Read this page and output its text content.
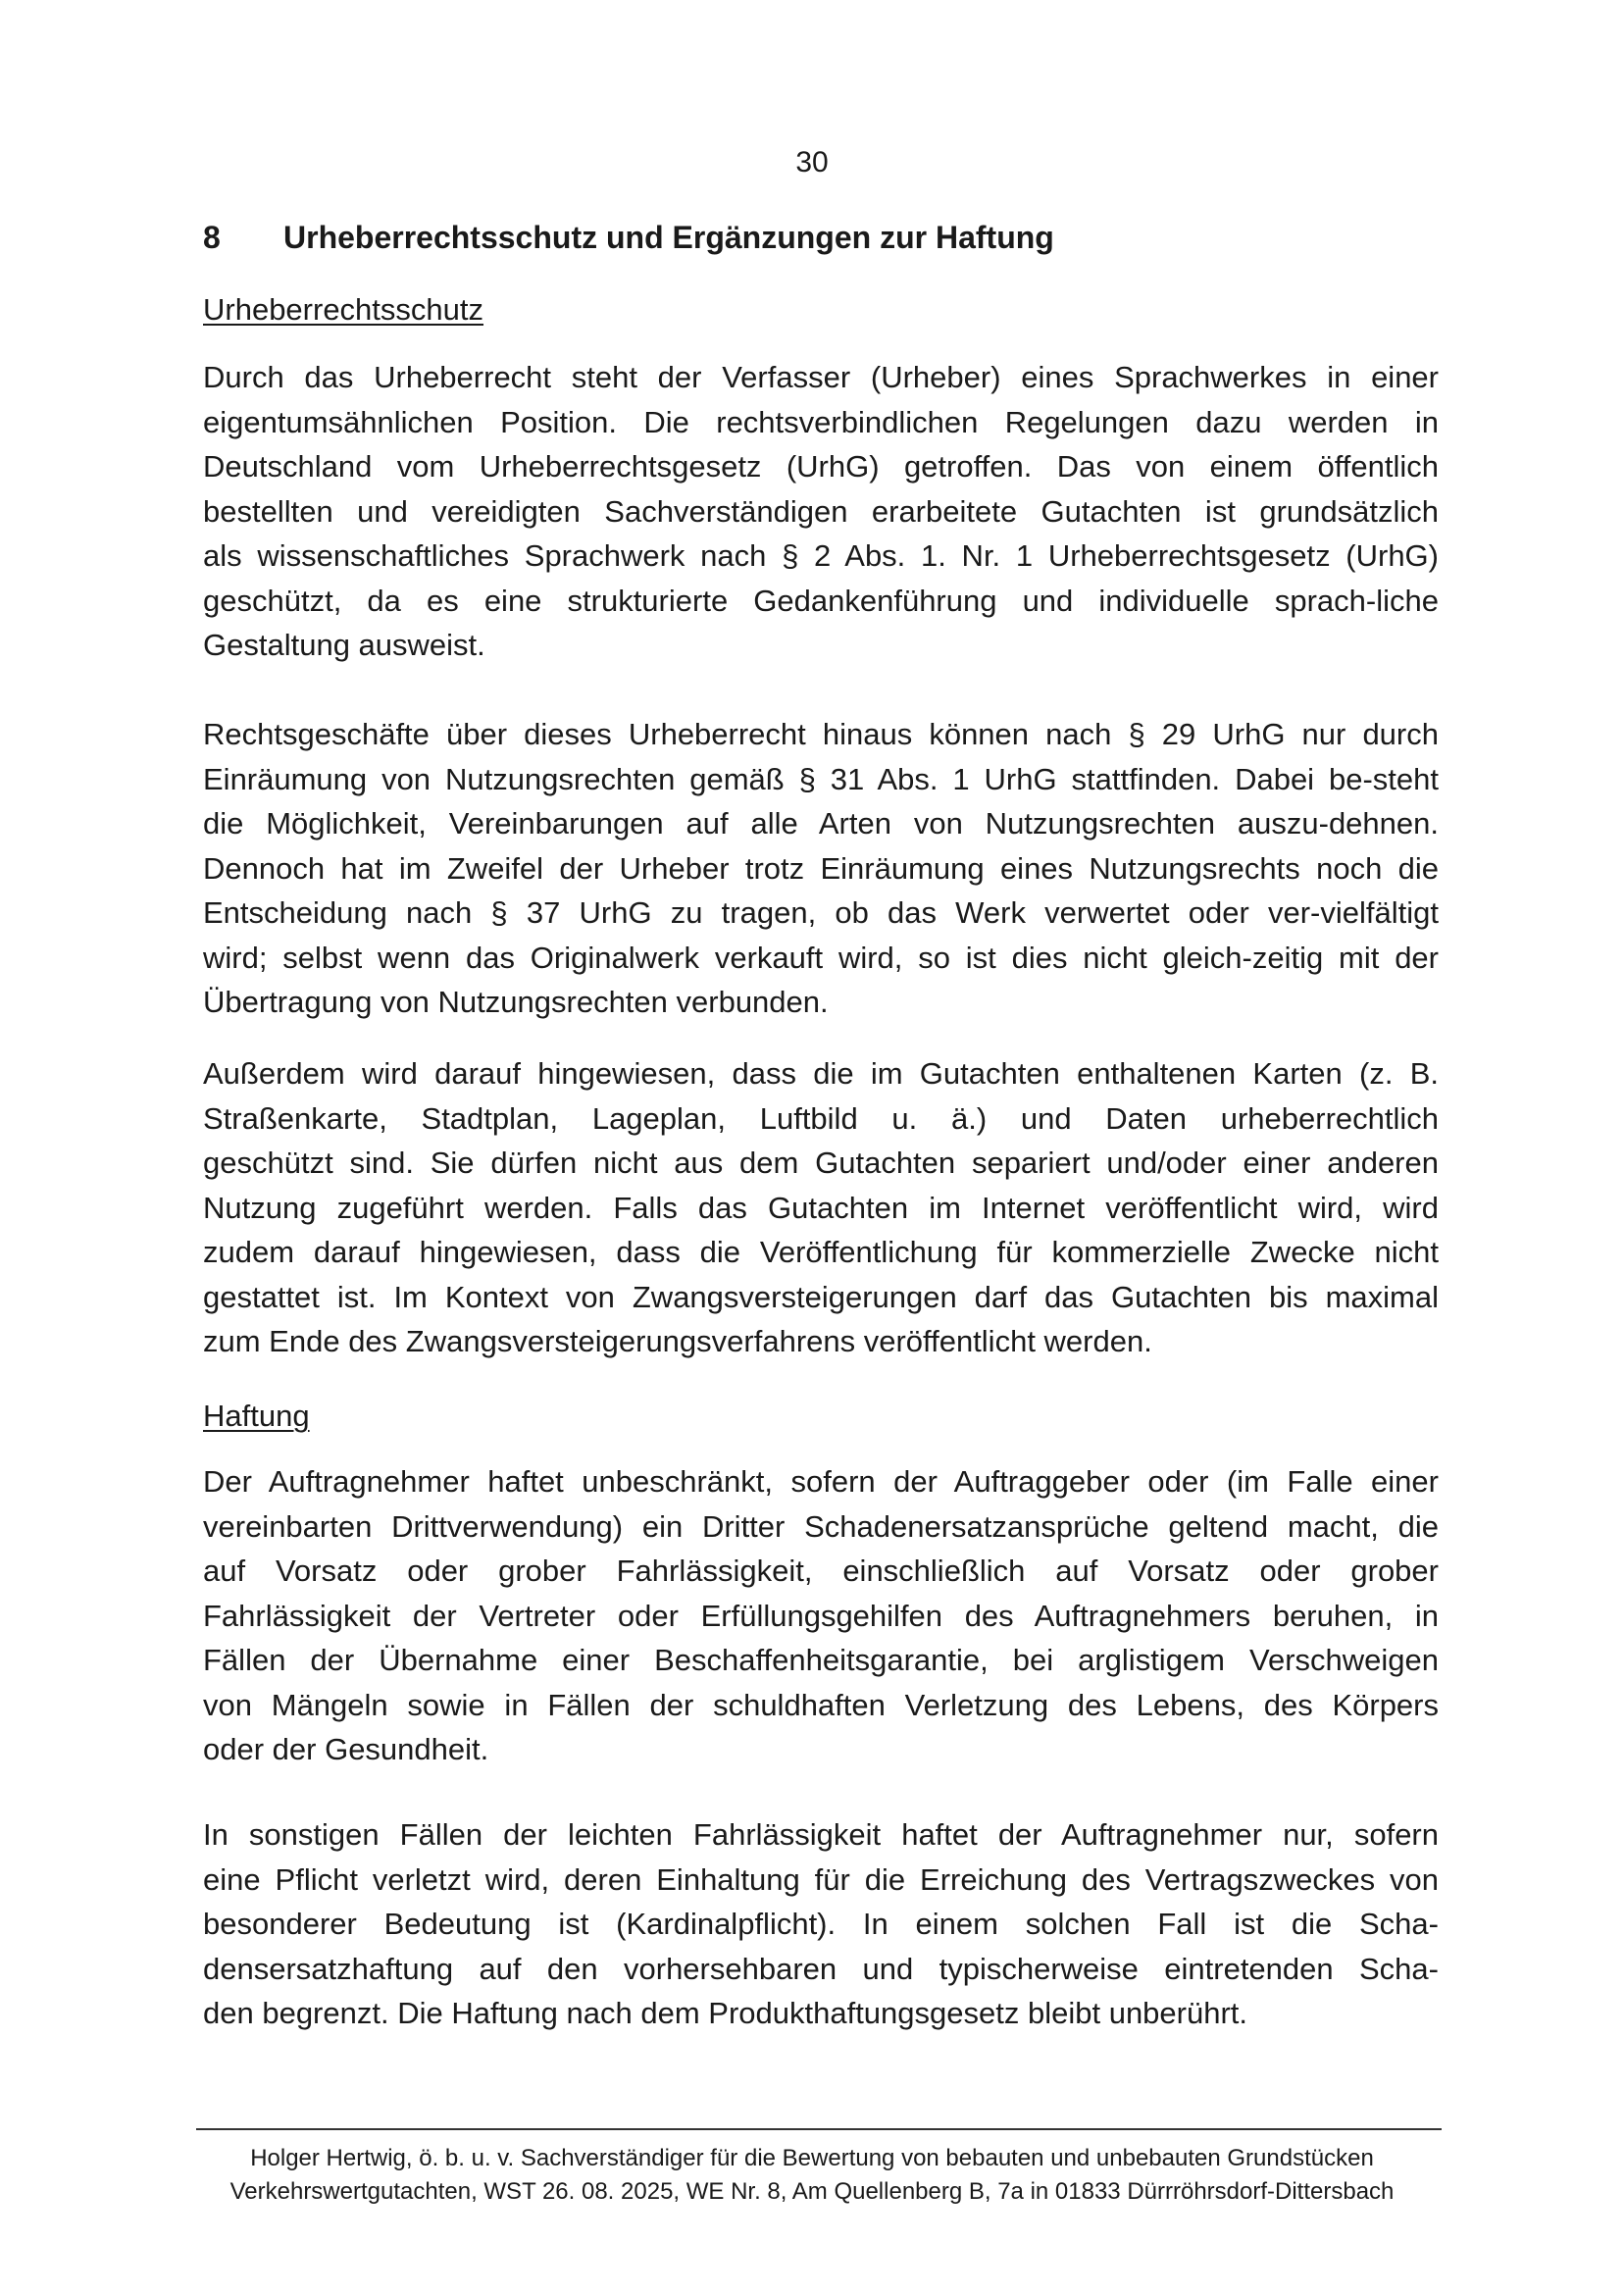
30
8 Urheberrechtsschutz und Ergänzungen zur Haftung
Urheberrechtsschutz

Durch das Urheberrecht steht der Verfasser (Urheber) eines Sprachwerkes in einer
eigentumsähnlichen Position. Die rechtsverbindlichen Regelungen dazu werden in
Deutschland vom Urheberrechtsgesetz (UrhG) getroffen. Das von einem öffentlich
bestellten und vereidigten Sachverständigen erarbeitete Gutachten ist grundsätzlich
als wissenschaftliches Sprachwerk nach § 2 Abs. 1. Nr. 1 Urheberrechtsgesetz (UrhG)
geschützt, da es eine strukturierte Gedankenführung und individuelle sprach-liche
Gestaltung ausweist.

Rechtsgeschäfte über dieses Urheberrecht hinaus können nach § 29 UrhG nur durch
Einräumung von Nutzungsrechten gemäß § 31 Abs. 1 UrhG stattfinden. Dabei be-steht
die Möglichkeit, Vereinbarungen auf alle Arten von Nutzungsrechten auszu-dehnen.
Dennoch hat im Zweifel der Urheber trotz Einräumung eines Nutzungsrechts noch die
Entscheidung nach § 37 UrhG zu tragen, ob das Werk verwertet oder ver-vielfältigt
wird; selbst wenn das Originalwerk verkauft wird, so ist dies nicht gleich-zeitig mit der
Übertragung von Nutzungsrechten verbunden.

Außerdem wird darauf hingewiesen, dass die im Gutachten enthaltenen Karten (z. B.
Straßenkarte, Stadtplan, Lageplan, Luftbild u. ä.) und Daten urheberrechtlich
geschützt sind. Sie dürfen nicht aus dem Gutachten separiert und/oder einer anderen
Nutzung zugeführt werden. Falls das Gutachten im Internet veröffentlicht wird, wird
zudem darauf hingewiesen, dass die Veröffentlichung für kommerzielle Zwecke nicht
gestattet ist. Im Kontext von Zwangsversteigerungen darf das Gutachten bis maximal
zum Ende des Zwangsversteigerungsverfahrens veröffentlicht werden.

Haftung

Der Auftragnehmer haftet unbeschränkt, sofern der Auftraggeber oder (im Falle einer
vereinbarten Drittverwendung) ein Dritter Schadenersatzansprüche geltend macht, die
auf Vorsatz oder grober Fahrlässigkeit, einschließlich auf Vorsatz oder grober
Fahrlässigkeit der Vertreter oder Erfüllungsgehilfen des Auftragnehmers beruhen, in
Fällen der Übernahme einer Beschaffenheitsgarantie, bei arglistigem Verschweigen
von Mängeln sowie in Fällen der schuldhaften Verletzung des Lebens, des Körpers
oder der Gesundheit.

In sonstigen Fällen der leichten Fahrlässigkeit haftet der Auftragnehmer nur, sofern
eine Pflicht verletzt wird, deren Einhaltung für die Erreichung des Vertragszweckes von
besonderer Bedeutung ist (Kardinalpflicht). In einem solchen Fall ist die Scha-
densersatzhaftung auf den vorhersehbaren und typischerweise eintretenden Scha-
den begrenzt. Die Haftung nach dem Produkthaftungsgesetz bleibt unberührt.

Holger Hertwig, ö. b. u. v. Sachverständiger für die Bewertung von bebauten und unbebauten Grundstücken
Verkehrswertgutachten, WST 26. 08. 2025, WE Nr. 8, Am Quellenberg B, 7a in 01833 Dürrröhrsdorf-Dittersbach
